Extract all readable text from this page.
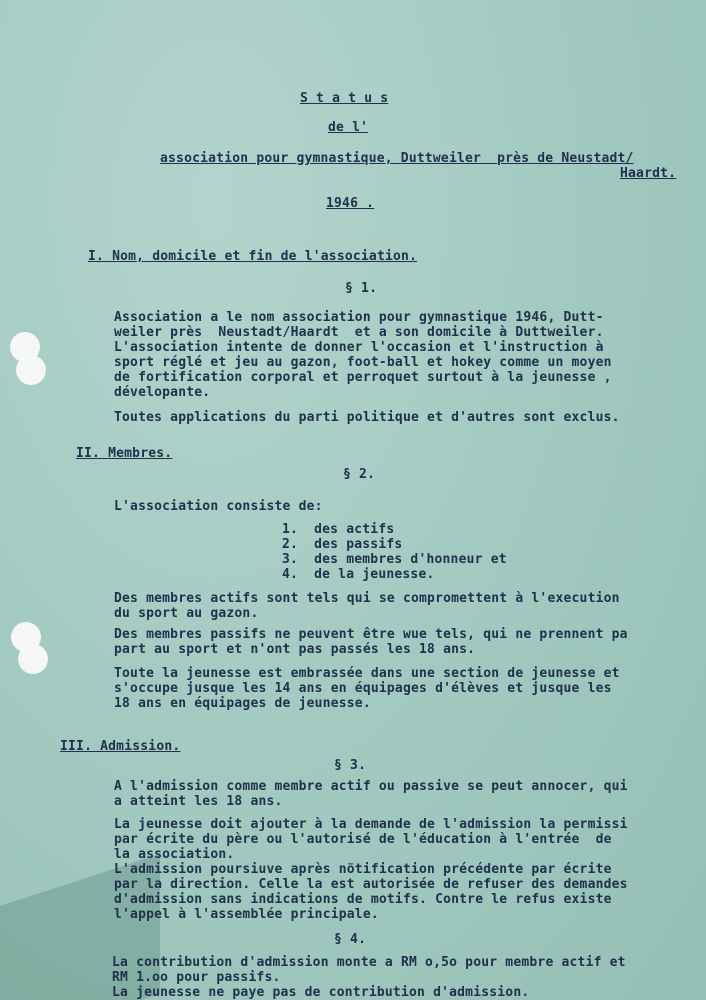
S t a t u s
de l'
association pour gymnastique, Duttweiler  près de Neustadt/
Haardt.
1946 .
I. Nom, domicile et fin de l'association.
§ 1.
Association a le nom association pour gymnastique 1946, Dutt-
weiler près  Neustadt/Haardt  et a son domicile à Duttweiler.
L'association intente de donner l'occasion et l'instruction à
sport réglé et jeu au gazon, foot-ball et hokey comme un moyen
de fortification corporal et perroquet surtout à la jeunesse ,
dévelopante.
Toutes applications du parti politique et d'autres sont exclus.
II. Membres.
§ 2.
L'association consiste de:
1.  des actifs
2.  des passifs
3.  des membres d'honneur et
4.  de la jeunesse.
Des membres actifs sont tels qui se compromettent à l'execution
du sport au gazon.
Des membres passifs ne peuvent être wue tels, qui ne prennent pa
part au sport et n'ont pas passés les 18 ans.
Toute la jeunesse est embrassée dans une section de jeunesse et
s'occupe jusque les 14 ans en équipages d'élèves et jusque les
18 ans en équipages de jeunesse.
III. Admission.
§ 3.
A l'admission comme membre actif ou passive se peut annocer, qui
a atteint les 18 ans.
La jeunesse doit ajouter à la demande de l'admission la permissi
par écrite du père ou l'autorisé de l'éducation à l'entrée  de
la association.
L'admission poursiuve après nötification précédente par écrite
par la direction. Celle la est autorisée de refuser des demandes
d'admission sans indications de motifs. Contre le refus existe
l'appel à l'assemblée principale.
§ 4.
La contribution d'admission monte a RM o,5o pour membre actif et
RM 1.oo pour passifs.
La jeunesse ne paye pas de contribution d'admission.
